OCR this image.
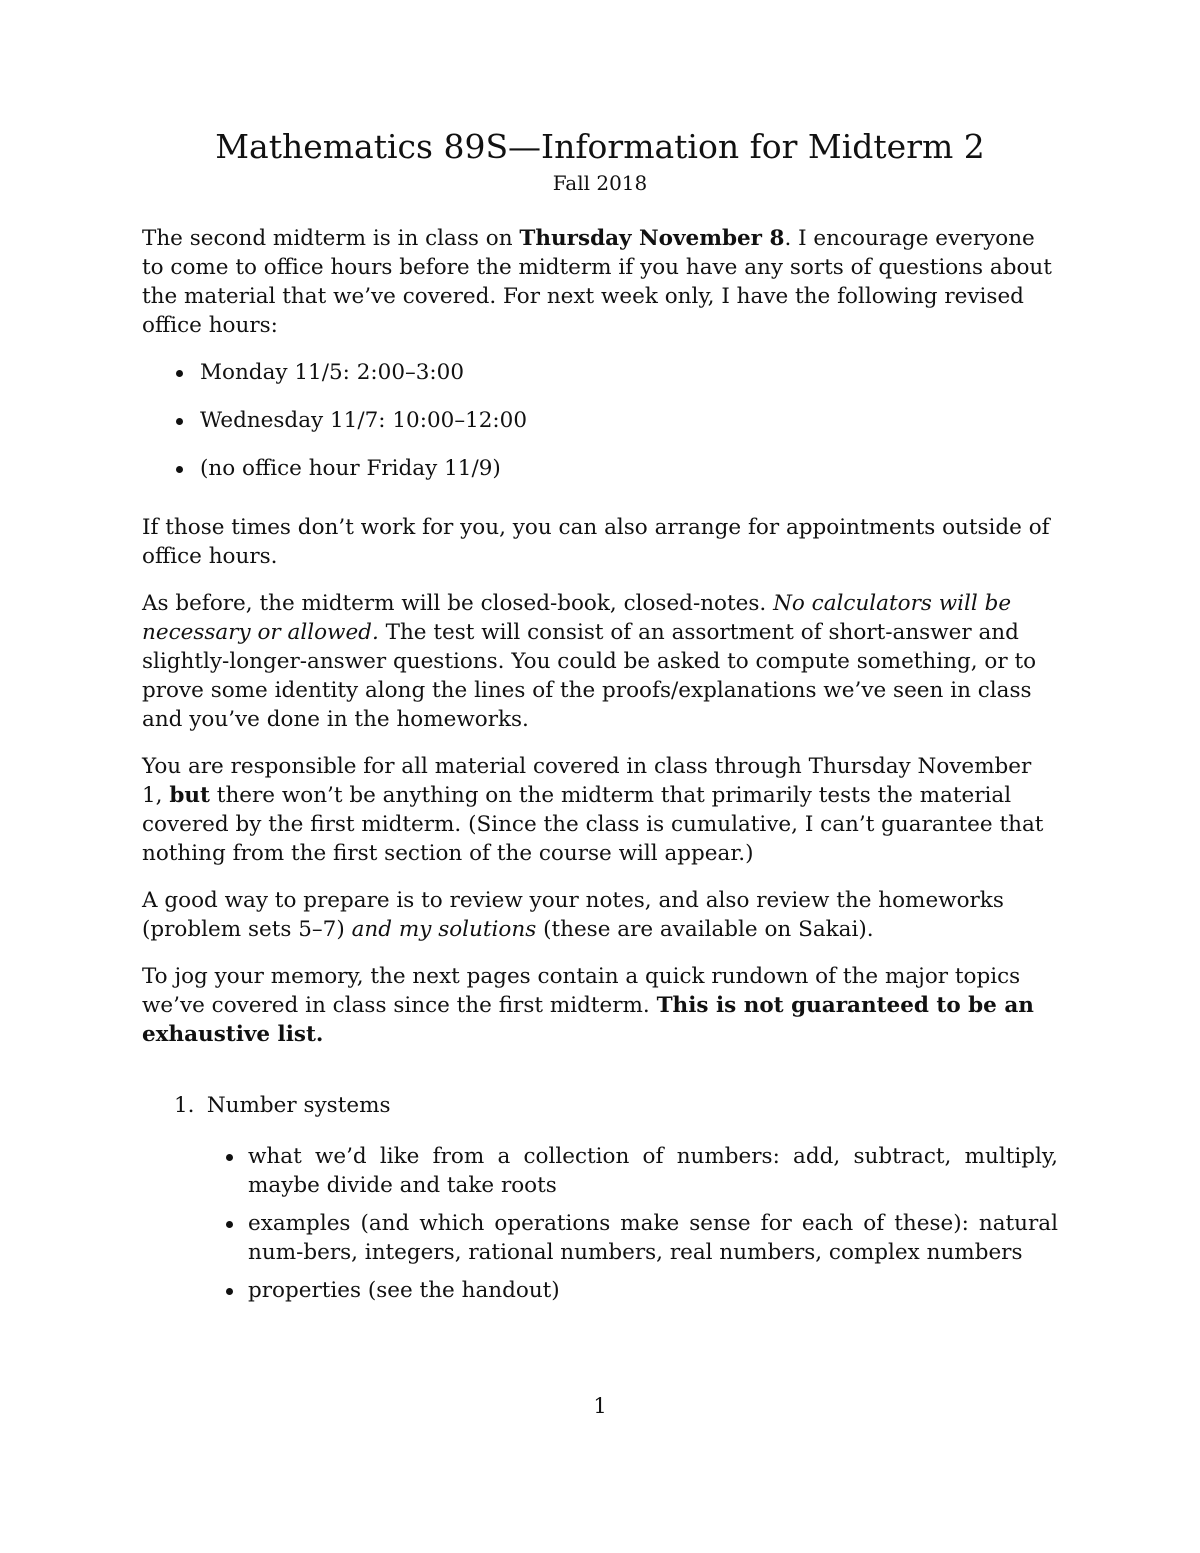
Mathematics 89S—Information for Midterm 2
Fall 2018

The second midterm is in class on Thursday November 8. I encourage everyone to come to office hours before the midterm if you have any sorts of questions about the material that we’ve covered. For next week only, I have the following revised office hours:

Monday 11/5: 2:00–3:00
Wednesday 11/7: 10:00–12:00
(no office hour Friday 11/9)

If those times don’t work for you, you can also arrange for appointments outside of office hours.

As before, the midterm will be closed-book, closed-notes. No calculators will be necessary or allowed. The test will consist of an assortment of short-answer and slightly-longer-answer questions. You could be asked to compute something, or to prove some identity along the lines of the proofs/explanations we’ve seen in class and you’ve done in the homeworks.

You are responsible for all material covered in class through Thursday November 1, but there won’t be anything on the midterm that primarily tests the material covered by the first midterm. (Since the class is cumulative, I can’t guarantee that nothing from the first section of the course will appear.)

A good way to prepare is to review your notes, and also review the homeworks (problem sets 5–7) and my solutions (these are available on Sakai).

To jog your memory, the next pages contain a quick rundown of the major topics we’ve covered in class since the first midterm. This is not guaranteed to be an exhaustive list.

1. Number systems
what we’d like from a collection of numbers: add, subtract, multiply, maybe divide and take roots
examples (and which operations make sense for each of these): natural num-bers, integers, rational numbers, real numbers, complex numbers
properties (see the handout)
1
